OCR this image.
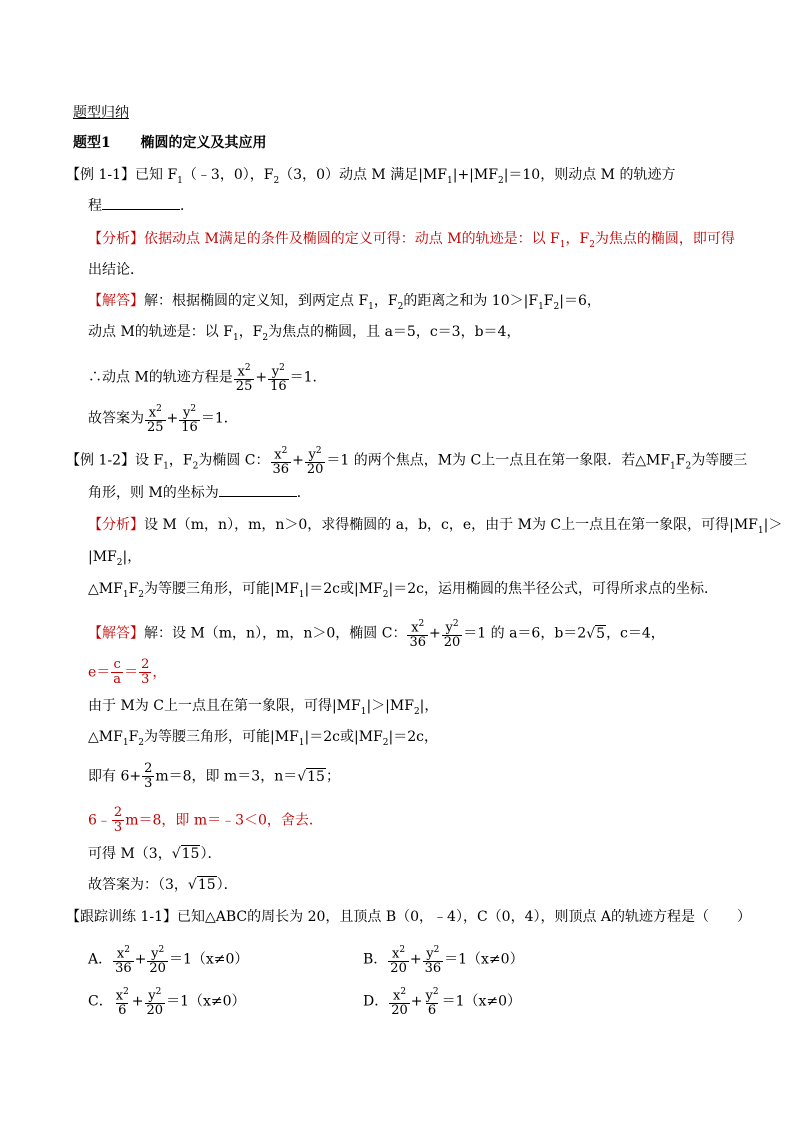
题型归纳
题型1 椭圆的定义及其应用
【例 1-1】已知 $F_1(﹣3$，0），$F_2(3$，0）动点 M 满足$|MF_1|+|MF_2|=10$，则动点 M 的轨迹方
程	．
【分析】依据动点 M满足的条件及椭圆的定义可得：动点 M的轨迹是：以 $F_1$，$F_2$为焦点的椭圆，即可得
出结论．
【解答】解：根据椭圆的定义知，到两定点 $F_1$，$F_2$的距离之和为 $10>|F_1F_2|=6$，
动点 M的轨迹是：以 $F_1$，$F_2$为焦点的椭圆，且 a＝5，c＝3，b＝4，
∴动点 M的轨迹方程是 $\frac{x^2}{25} + \frac{y^2}{16} =1$．
故答案为 $\frac{x^2}{25} + \frac{y^2}{16} =1$．
【例 1-2】设 $F_1$，$F_2$为椭圆 C： $\frac{x^2}{36} + \frac{y^2}{20} =1$ 的两个焦点，M为 C上一点且在第一象限．若$\triangle MF_1F_2$为等腰三
角形，则 M的坐标为	．
【分析】设 M（m，n），m，n＞0，求得椭圆的 a，b，c，e，由于 M为 C上一点且在第一象限，可得$|MF_1|>$
$|MF_2|$，
$\triangle MF_1F_2$为等腰三角形，可能$|MF_1|=2c$或$|MF_2|=2c$，运用椭圆的焦半径公式，可得所求点的坐标．
【解答】解：设 M（m，n），m，n＞0，椭圆 C： $\frac{x^2}{36} + \frac{y^2}{20} =1$ 的 a＝6，b＝2√5，c＝4，
$e= \frac{c}{a} = \frac{2}{3}$ ，
由于 M为 C上一点且在第一象限，可得$|MF_1|>|MF_2|$，
$\triangle MF_1F_2$为等腰三角形，可能$|MF_1|=2c$或$|MF_2|=2c$，
即有 $6+ \frac{2}{3} m=8$，即 m＝3，n＝√15；
6﹣ $\frac{2}{3} m=8$，即 m＝﹣3＜0，舍去．
可得 M（3，√15）．
故答案为：（3，√15）．
【跟踪训练 1-1】已知△ABC的周长为 20，且顶点 B（0，﹣4），C（0，4），则顶点 A的轨迹方程是（　　）
A． $\frac{x^2}{36} + \frac{y^2}{20} =1(x\ne 0)$	B． $\frac{x^2}{20} + \frac{y^2}{36} =1(x\ne 0)$
C． $\frac{x^2}{6} + \frac{y^2}{20} =1(x\ne 0)$	D． $\frac{x^2}{20} + \frac{y^2}{6} =1(x\ne 0)$
